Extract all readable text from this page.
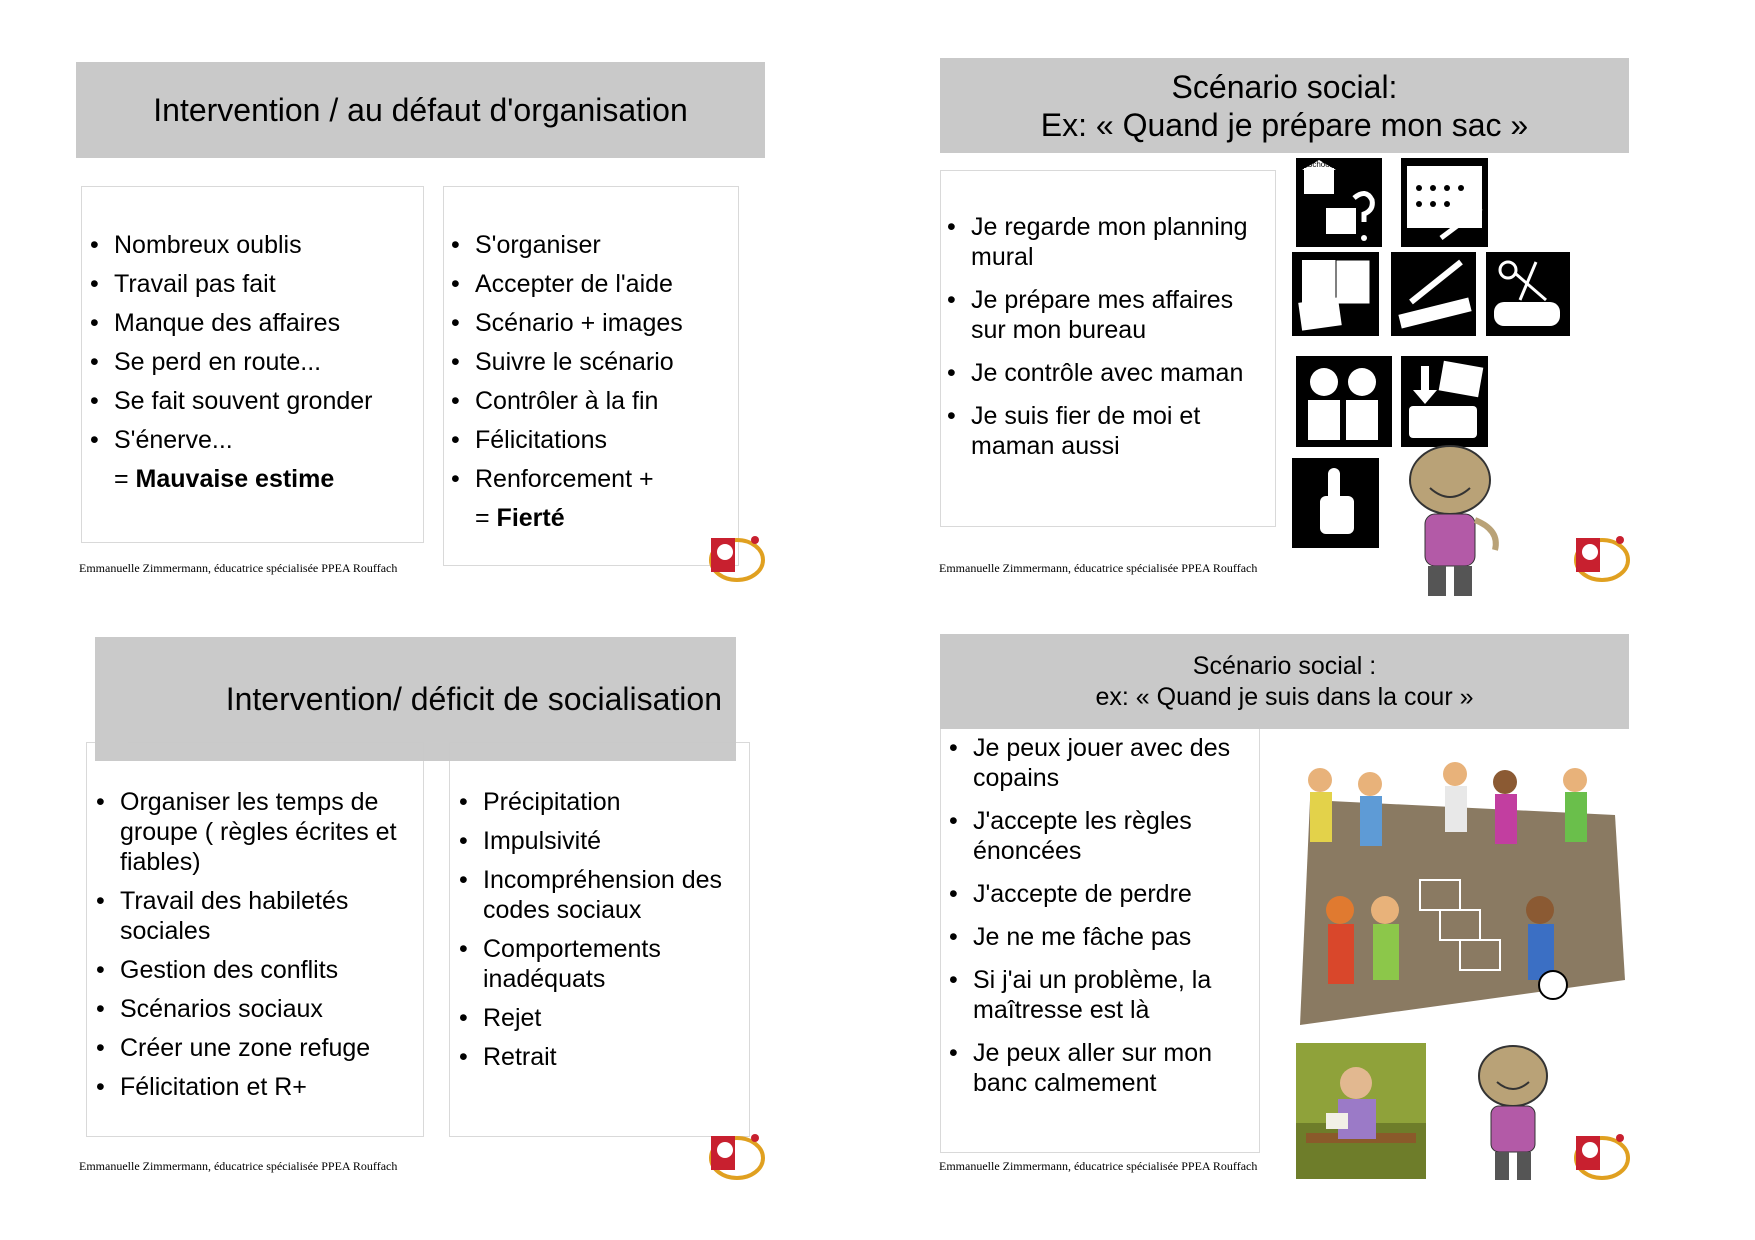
Intervention / au défaut d'organisation
• Nombreux oublis
• Travail pas fait
• Manque des affaires
• Se perd en route...
• Se fait souvent gronder
• S'énerve...
= Mauvaise estime
• S'organiser
• Accepter de l'aide
• Scénario + images
• Suivre le scénario
• Contrôler à la fin
• Félicitations
• Renforcement +
= Fierté
Emmanuelle Zimmermann, éducatrice spécialisée PPEA Rouffach
Scénario social:
Ex: « Quand je prépare mon sac »
• Je regarde mon planning mural
• Je prépare mes affaires sur mon bureau
• Je contrôle avec maman
• Je suis fier de moi et maman aussi
School
Emmanuelle Zimmermann, éducatrice spécialisée PPEA Rouffach
Intervention/ déficit de socialisation
• Organiser les temps de groupe ( règles écrites et fiables)
• Travail des habiletés sociales
• Gestion des conflits
• Scénarios sociaux
• Créer une zone refuge
• Félicitation et R+
• Précipitation
• Impulsivité
• Incompréhension des codes sociaux
• Comportements inadéquats
• Rejet
• Retrait
Emmanuelle Zimmermann, éducatrice spécialisée PPEA Rouffach
Scénario social :
ex: « Quand je suis dans la cour »
• Je peux jouer avec des copains
• J'accepte les règles énoncées
• J'accepte de perdre
• Je ne me fâche pas
• Si j'ai un problème, la maîtresse est là
• Je peux aller sur mon banc calmement
Emmanuelle Zimmermann, éducatrice spécialisée PPEA Rouffach
